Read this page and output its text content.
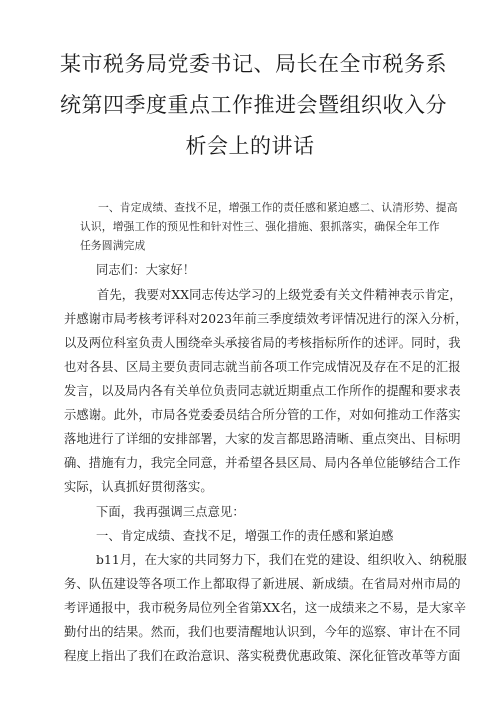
某市税务局党委书记、局长在全市税务系
统第四季度重点工作推进会暨组织收入分
析会上的讲话
一、肯定成绩、查找不足，增强工作的责任感和紧迫感二、认清形势、提高
认识，增强工作的预见性和针对性三、强化措施、狠抓落实，确保全年工作
任务圆满完成
同志们：大家好！
首先，我要对XX同志传达学习的上级党委有关文件精神表示肯定，
并感谢市局考核考评科对2023年前三季度绩效考评情况进行的深入分析，
以及两位科室负责人围绕牵头承接省局的考核指标所作的述评。同时，我
也对各县、区局主要负责同志就当前各项工作完成情况及存在不足的汇报
发言，以及局内各有关单位负责同志就近期重点工作所作的提醒和要求表
示感谢。此外，市局各党委委员结合所分管的工作，对如何推动工作落实
落地进行了详细的安排部署，大家的发言都思路清晰、重点突出、目标明
确、措施有力，我完全同意，并希望各县区局、局内各单位能够结合工作
实际，认真抓好贯彻落实。
下面，我再强调三点意见：
一、肯定成绩、查找不足，增强工作的责任感和紧迫感
b11月，在大家的共同努力下，我们在党的建设、组织收入、纳税服
务、队伍建设等各项工作上都取得了新进展、新成绩。在省局对州市局的
考评通报中，我市税务局位列全省第XX名，这一成绩来之不易，是大家辛
勤付出的结果。然而，我们也要清醒地认识到，今年的巡察、审计在不同
程度上指出了我们在政治意识、落实税费优惠政策、深化征管改革等方面
